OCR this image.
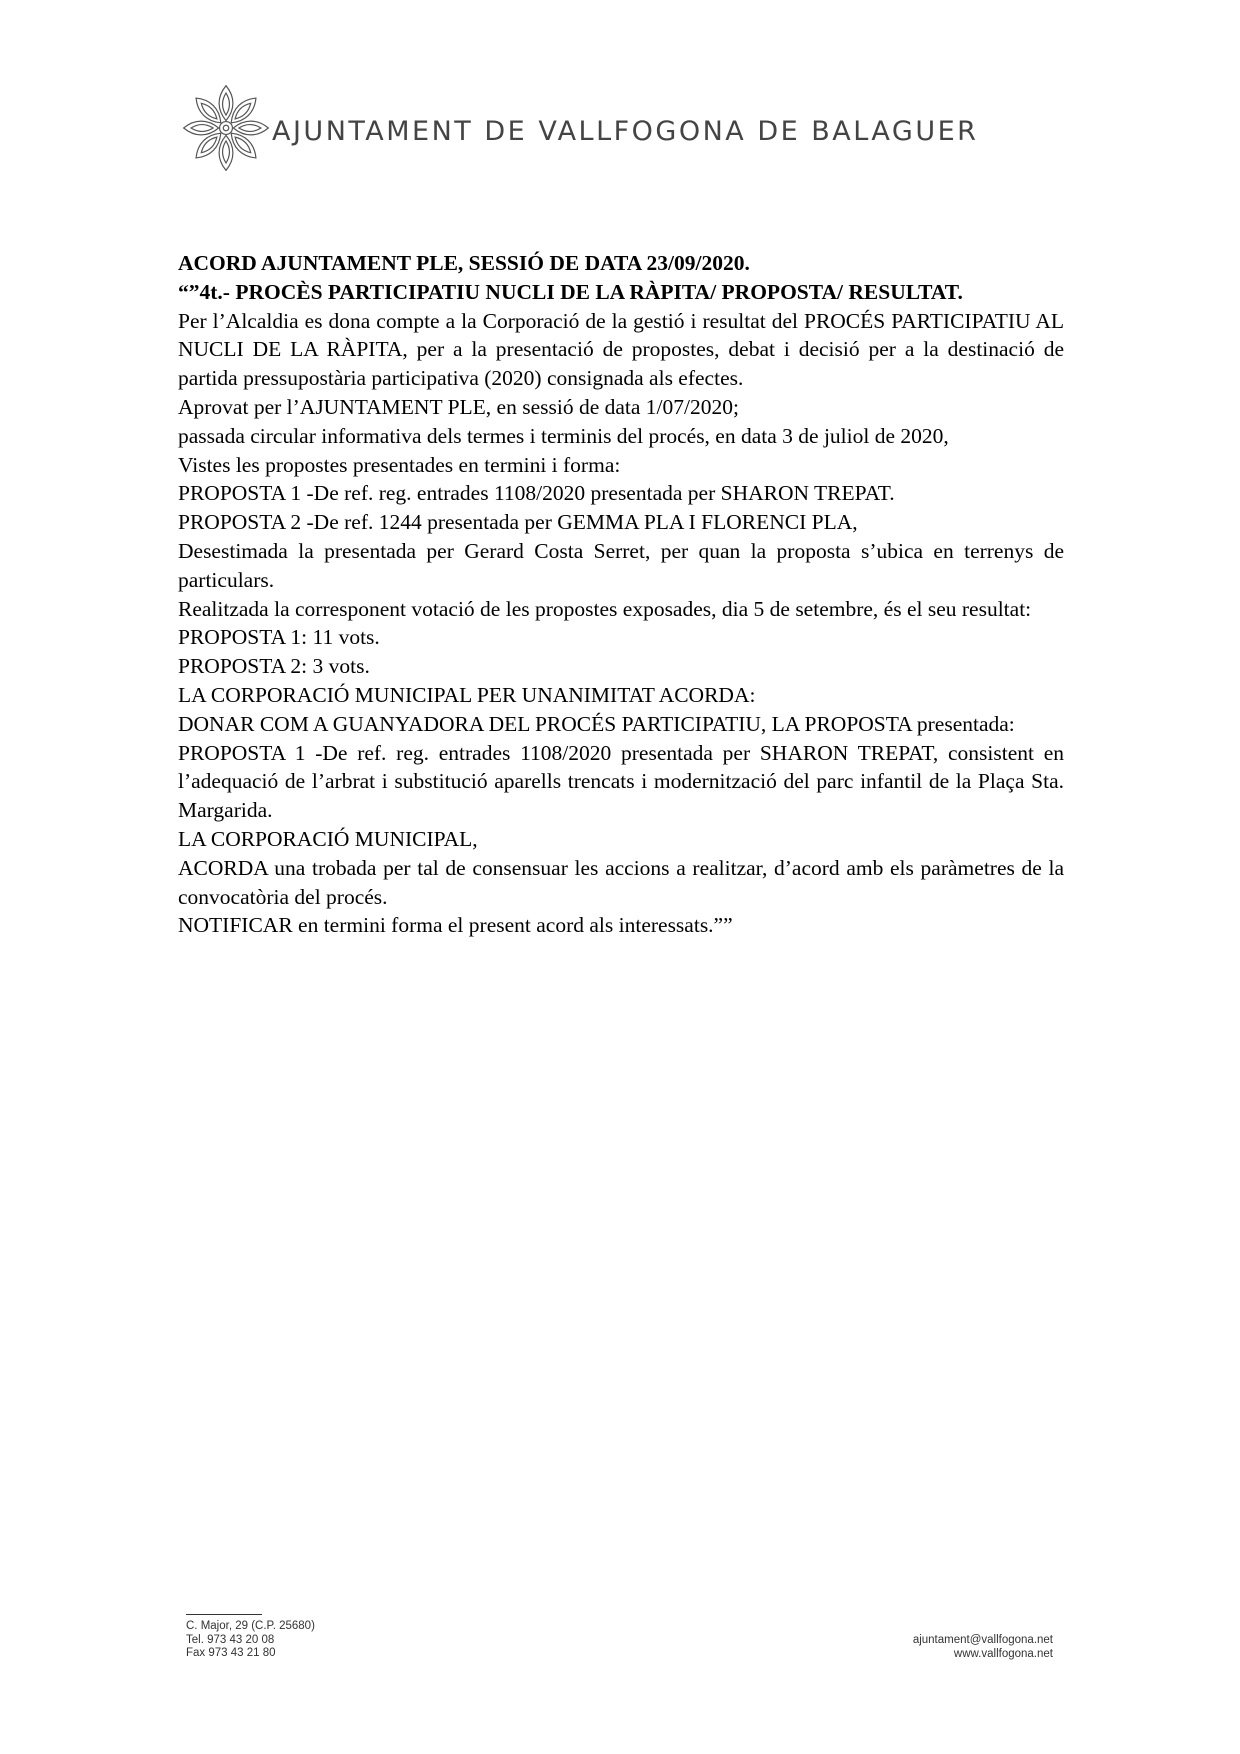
AJUNTAMENT DE VALLFOGONA DE BALAGUER

ACORD AJUNTAMENT PLE, SESSIÓ DE DATA 23/09/2020.

“”4t.- PROCÈS PARTICIPATIU NUCLI DE LA RÀPITA/ PROPOSTA/ RESULTAT.

Per l’Alcaldia es dona compte a la Corporació de la gestió i resultat del PROCÉS PARTICIPATIU AL NUCLI DE LA RÀPITA, per a la presentació de propostes, debat i decisió per a la destinació de partida pressupostària participativa (2020) consignada als efectes.

Aprovat per l’AJUNTAMENT PLE, en sessió de data 1/07/2020;

passada circular informativa dels termes i terminis del procés, en data 3 de juliol de 2020,

Vistes les propostes presentades en termini i forma:

PROPOSTA 1 -De ref. reg. entrades 1108/2020 presentada per SHARON TREPAT.

PROPOSTA 2 -De ref. 1244 presentada per GEMMA PLA I FLORENCI PLA,

Desestimada la presentada per Gerard Costa Serret, per quan la proposta s’ubica en terrenys de particulars.

Realitzada la corresponent votació de les propostes exposades, dia 5 de setembre, és el seu resultat:

PROPOSTA 1: 11 vots.

PROPOSTA 2: 3 vots.

LA CORPORACIÓ MUNICIPAL PER UNANIMITAT ACORDA:

DONAR COM A GUANYADORA DEL PROCÉS PARTICIPATIU, LA PROPOSTA presentada:

PROPOSTA 1 -De ref. reg. entrades 1108/2020 presentada per SHARON TREPAT, consistent en l’adequació de l’arbrat i substitució aparells trencats i modernització del parc infantil de la Plaça Sta. Margarida.

LA CORPORACIÓ MUNICIPAL,

ACORDA una trobada per tal de consensuar les accions a realitzar, d’acord amb els paràmetres de la convocatòria del procés.

NOTIFICAR en termini forma el present acord als interessats.””

C. Major, 29 (C.P. 25680)
Tel. 973 43 20 08
Fax 973 43 21 80
ajuntament@vallfogona.net
www.vallfogona.net
